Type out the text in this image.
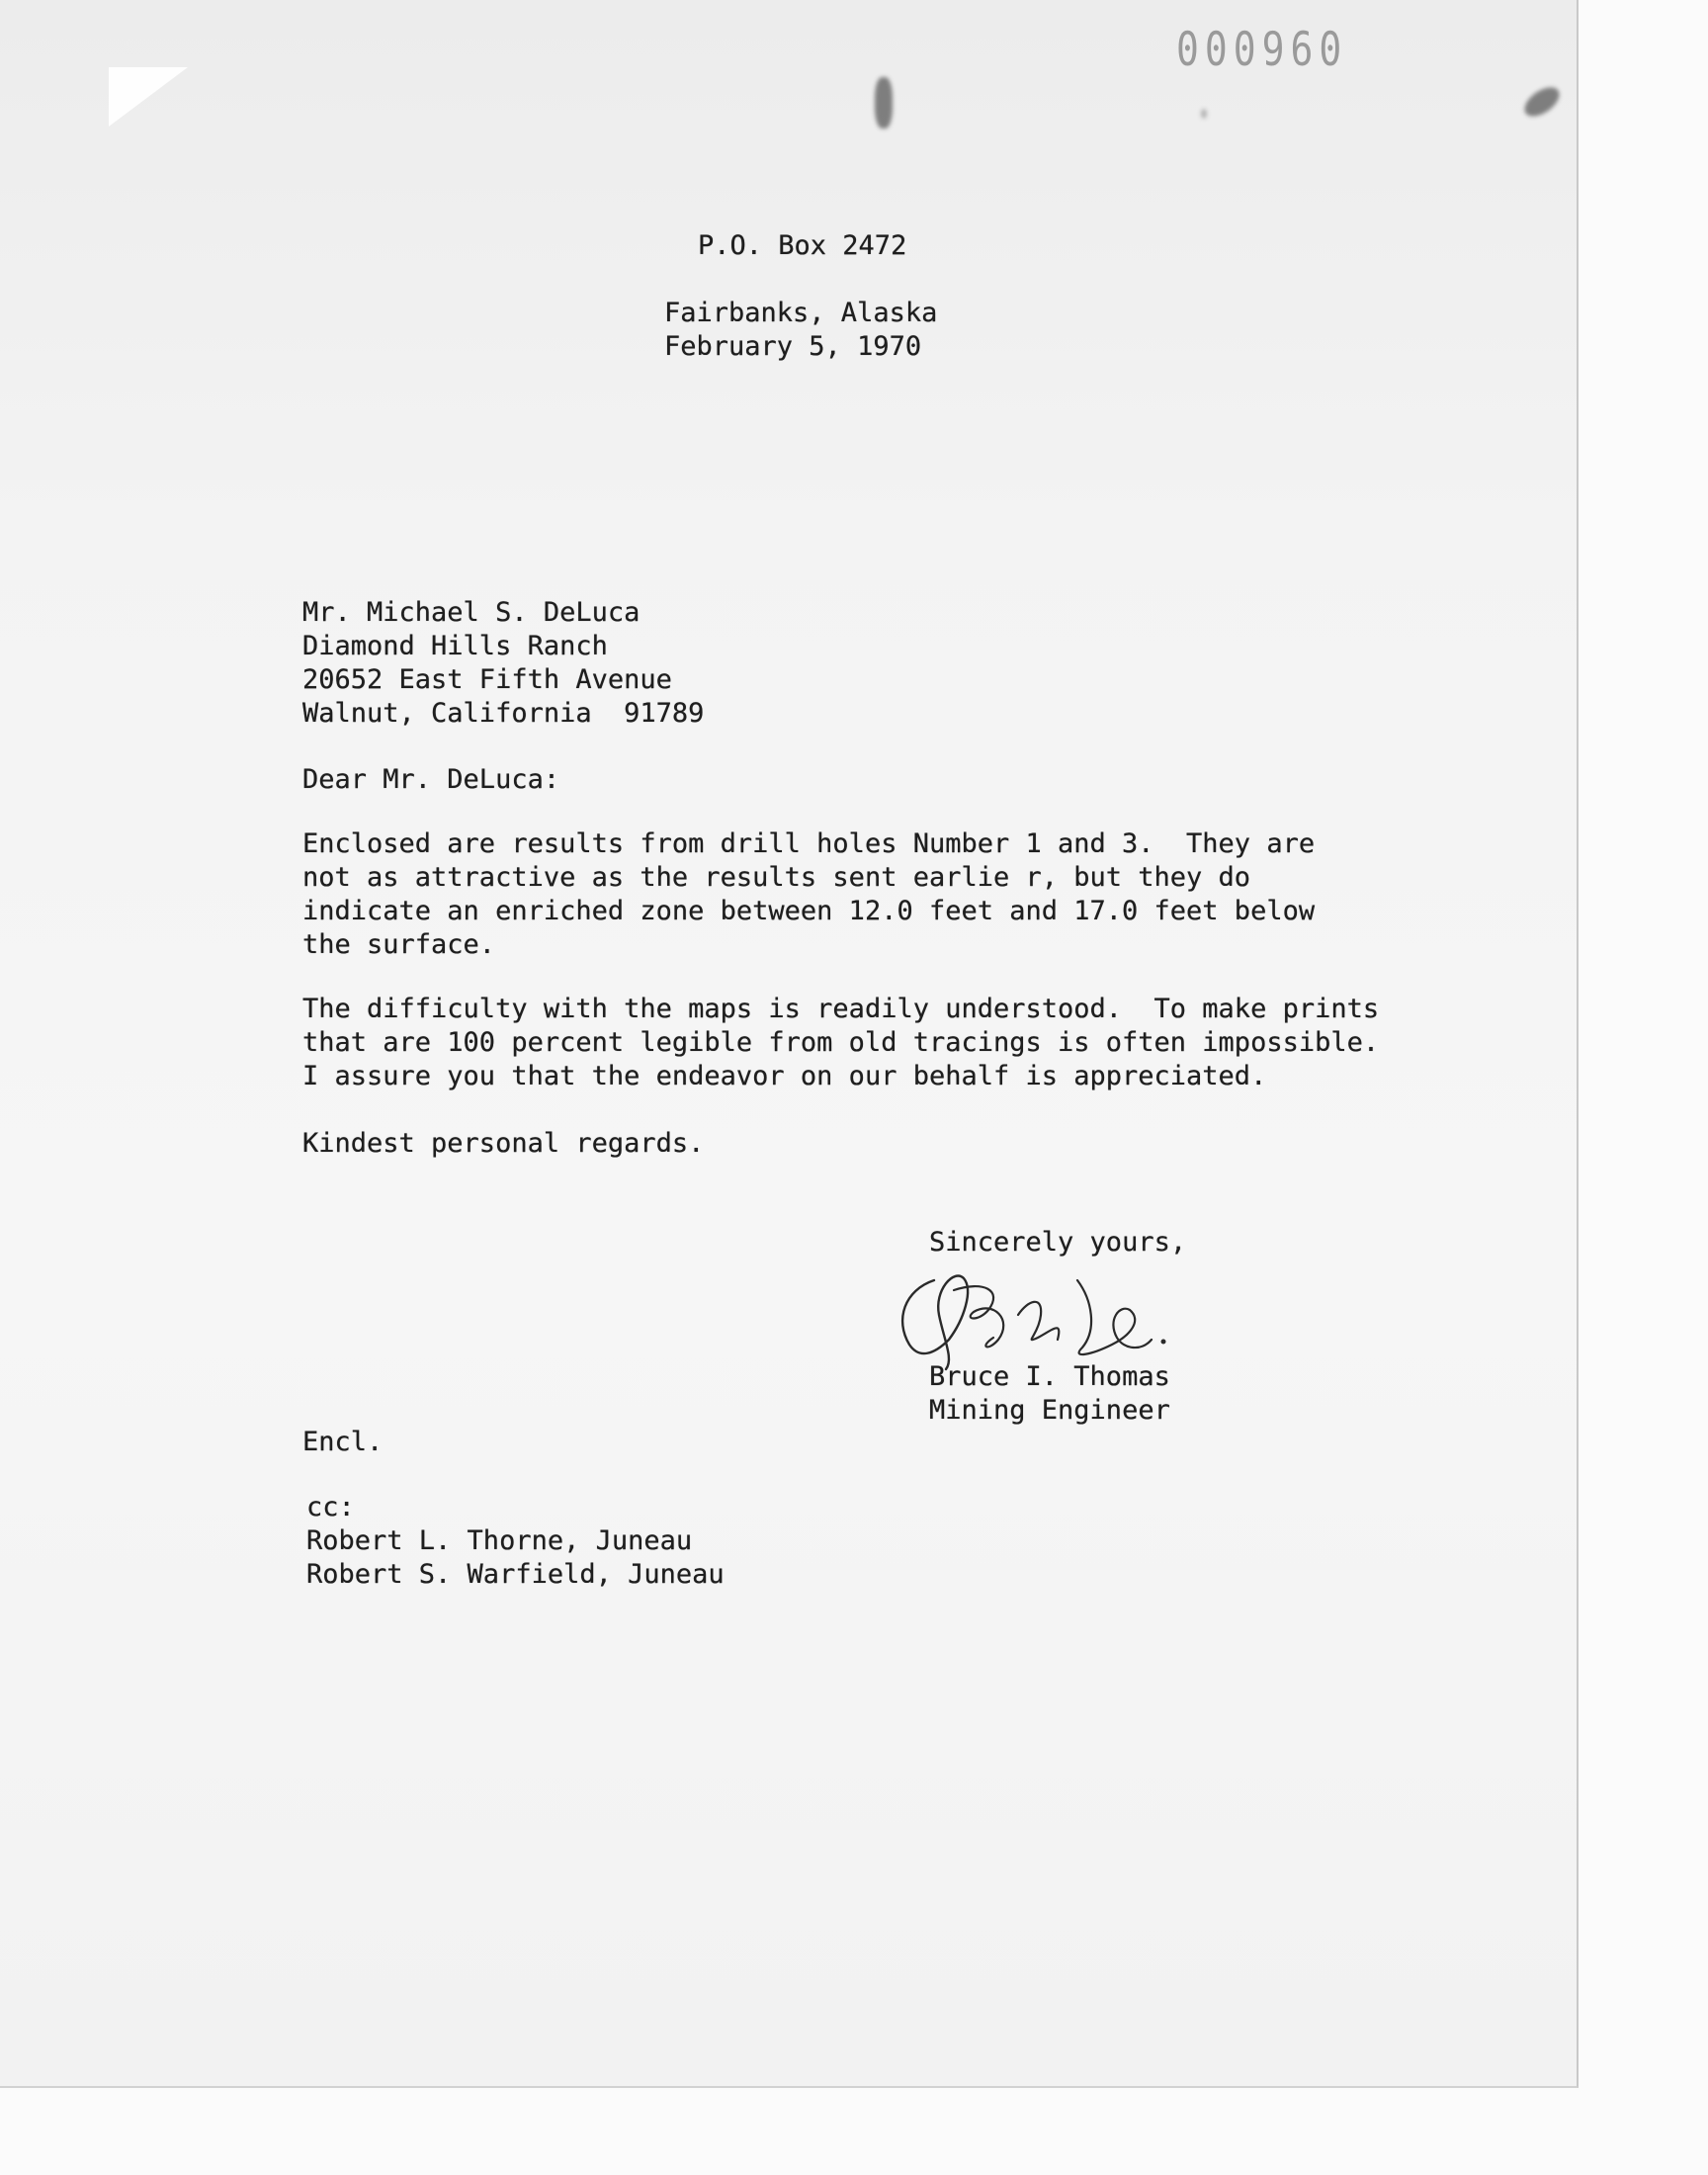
000960

P.O. Box 2472

Fairbanks, Alaska

February 5, 1970

Mr. Michael S. DeLuca

Diamond Hills Ranch

20652 East Fifth Avenue

Walnut, California  91789

Dear Mr. DeLuca:

Enclosed are results from drill holes Number 1 and 3.  They are

not as attractive as the results sent earlie r, but they do

indicate an enriched zone between 12.0 feet and 17.0 feet below

the surface.

The difficulty with the maps is readily understood.  To make prints

that are 100 percent legible from old tracings is often impossible.

I assure you that the endeavor on our behalf is appreciated.

Kindest personal regards.

Sincerely yours,

Bruce I. Thomas

Mining Engineer

Encl.

cc:

Robert L. Thorne, Juneau

Robert S. Warfield, Juneau
